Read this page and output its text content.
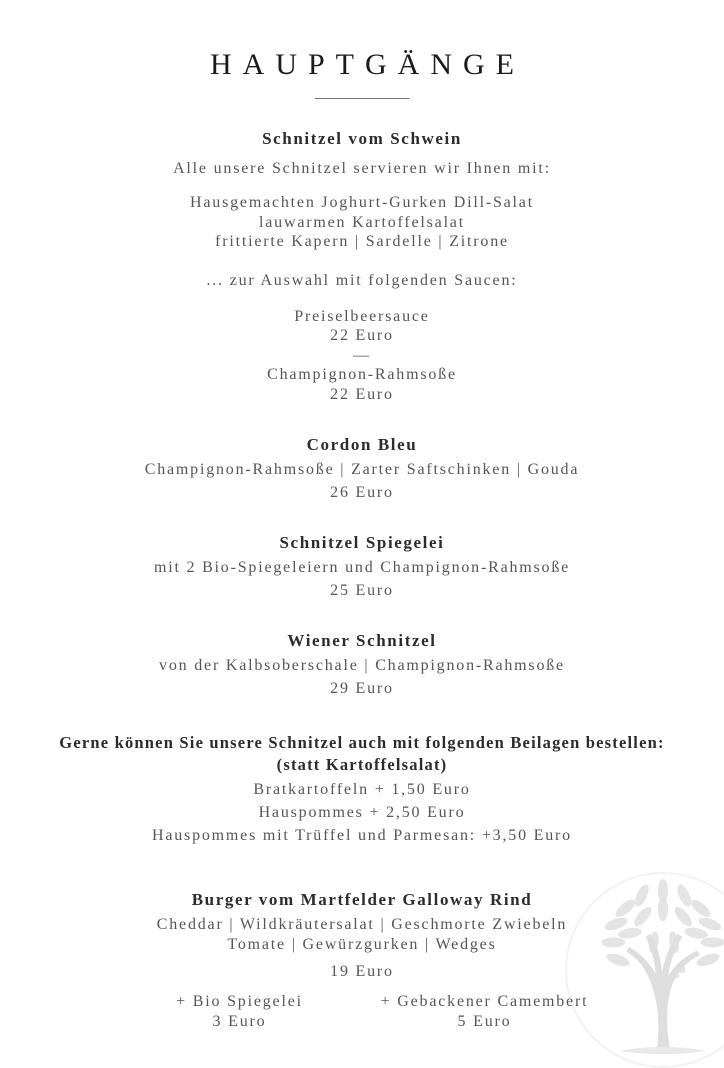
HAUPTGÄNGE
Schnitzel vom Schwein
Alle unsere Schnitzel servieren wir Ihnen mit:
Hausgemachten Joghurt-Gurken Dill-Salat
lauwarmen Kartoffelsalat
frittierte Kapern | Sardelle | Zitrone
... zur Auswahl mit folgenden Saucen:
Preiselbeersauce
22 Euro
—
Champignon-Rahmsoße
22 Euro
Cordon Bleu
Champignon-Rahmsoße | Zarter Saftschinken | Gouda
26 Euro
Schnitzel Spiegelei
mit 2 Bio-Spiegeleiern und Champignon-Rahmsoße
25 Euro
Wiener Schnitzel
von der Kalbsoberschale | Champignon-Rahmsoße
29 Euro
Gerne können Sie unsere Schnitzel auch mit folgenden Beilagen bestellen:
(statt Kartoffelsalat)
Bratkartoffeln + 1,50 Euro
Hauspommes + 2,50 Euro
Hauspommes mit Trüffel und Parmesan: +3,50 Euro
Burger vom Martfelder Galloway Rind
Cheddar | Wildkräutersalat | Geschmorte Zwiebeln
Tomate | Gewürzgurken | Wedges
19 Euro
+ Bio Spiegelei
3 Euro
+ Gebackener Camembert
5 Euro
